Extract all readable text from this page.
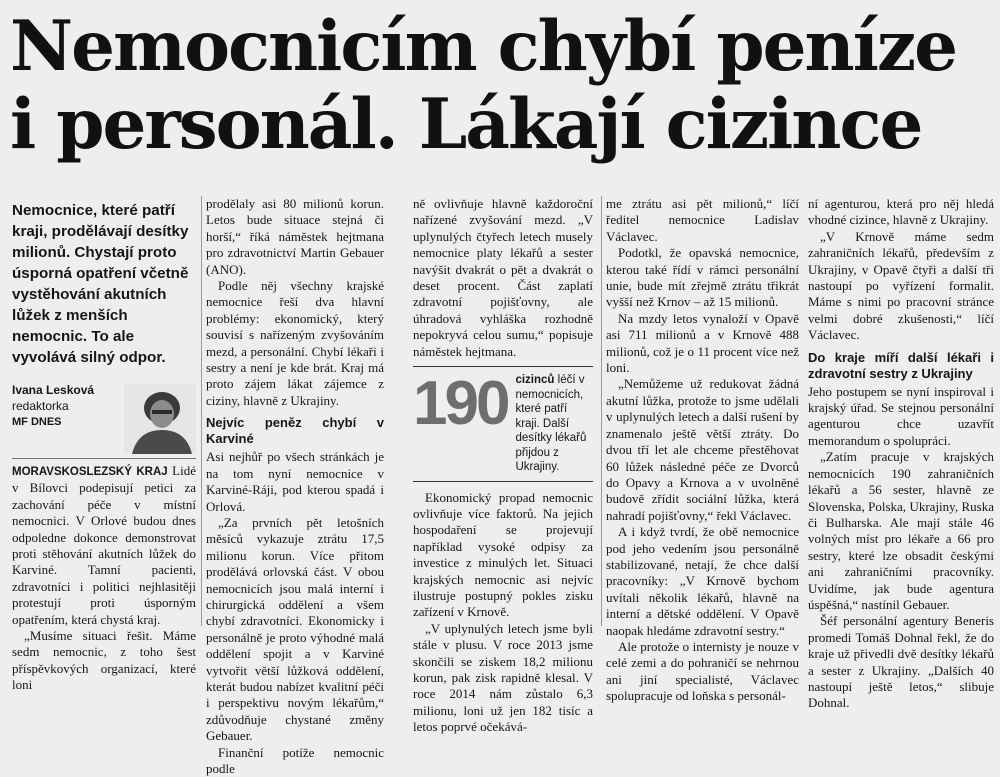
Nemocnicím chybí peníze
i personál. Lákají cizince
Nemocnice, které patří kraji, prodělávají desítky milionů. Chystají proto úsporná opatření včetně vystěhování akutních lůžek z menších nemocnic. To ale vyvolává silný odpor.
Ivana Lesková
redaktorka
MF DNES

MORAVSKOSLEZSKÝ KRAJ Lidé v Bílovci podepisují petici za zachování péče v místní nemocnici. V Orlové budou dnes odpoledne dokonce demonstrovat proti stěhování akutních lůžek do Karviné. Tamní pacienti, zdravotníci i politici nejhlasitěji protestují proti úsporným opatřením, která chystá kraj.

„Musíme situaci řešit. Máme sedm nemocnic, z toho šest příspěvkových organizací, které loni

prodělaly asi 80 milionů korun. Letos bude situace stejná či horší,“ říká náměstek hejtmana pro zdravotnictví Martin Gebauer (ANO).

Podle něj všechny krajské nemocnice řeší dva hlavní problémy: ekonomický, který souvisí s nařízeným zvyšováním mezd, a personální. Chybí lékaři i sestry a není je kde brát. Kraj má proto zájem lákat zájemce z ciziny, hlavně z Ukrajiny.

Nejvíc peněz chybí v Karviné

Asi nejhůř po všech stránkách je na tom nyní nemocnice v Karviné-Ráji, pod kterou spadá i Orlová.

„Za prvních pět letošních měsíců vykazuje ztrátu 17,5 milionu korun. Více přitom prodělává orlovská část. V obou nemocnicích jsou malá interní i chirurgická oddělení a všem chybí zdravotníci. Ekonomicky i personálně je proto výhodné malá oddělení spojit a v Karviné vytvořit větší lůžková oddělení, kterát budou nabízet kvalitní péči i perspektivu novým lékařům,“ zdůvodňuje chystané změny Gebauer.

Finanční potíže nemocnic podle

ně ovlivňuje hlavně každoroční nařízené zvyšování mezd. „V uplynulých čtyřech letech musely nemocnice platy lékařů a sester navýšit dvakrát o pět a dvakrát o deset procent. Část zaplatí zdravotní pojišťovny, ale úhradová vyhláška rozhodně nepokryvá celou sumu,“ popisuje náměstek hejtmana.

190 cizinců léčí v nemocnicích, které patří kraji. Další desítky lékařů přijdou z Ukrajiny.

Ekonomický propad nemocnic ovlivňuje více faktorů. Na jejich hospodaření se projevují například vysoké odpisy za investice z minulých let. Situaci krajských nemocnic asi nejvíc ilustruje postupný pokles zisku zařízení v Krnově.

„V uplynulých letech jsme byli stále v plusu. V roce 2013 jsme skončili se ziskem 18,2 milionu korun, pak zisk rapidně klesal. V roce 2014 nám zůstalo 6,3 milionu, loni už jen 182 tisíc a letos poprvé očekává-

me ztrátu asi pět milionů,“ líčí ředitel nemocnice Ladislav Václavec.

Podotkl, že opavská nemocnice, kterou také řídí v rámci personální unie, bude mít zřejmě ztrátu třikrát vyšší než Krnov – až 15 milionů.

Na mzdy letos vynaloží v Opavě asi 711 milionů a v Krnově 488 milionů, což je o 11 procent více než loni.

„Nemůžeme už redukovat žádná akutní lůžka, protože to jsme udělali v uplynulých letech a další rušení by znamenalo ještě větší ztráty. Do dvou tří let ale chceme přestěhovat 60 lůžek následné péče ze Dvorců do Opavy a Krnova a v uvolněné budově zřídit sociální lůžka, která nahradí pojišťovny,“ řekl Václavec.

A i když tvrdí, že obě nemocnice pod jeho vedením jsou personálně stabilizované, netají, že chce další pracovníky: „V Krnově bychom uvítali několik lékařů, hlavně na interní a dětské oddělení. V Opavě naopak hledáme zdravotní sestry.“

Ale protože o internisty je nouze v celé zemi a do pohraničí se nehrnou ani jiní specialisté, Václavec spolupracuje od loňska s personál-

ní agenturou, která pro něj hledá vhodné cizince, hlavně z Ukrajiny.

„V Krnově máme sedm zahraničních lékařů, především z Ukrajiny, v Opavě čtyři a další tři nastoupí po vyřízení formalit. Máme s nimi po pracovní stránce velmi dobré zkušenosti,“ líčí Václavec.

Do kraje míří další lékaři i zdravotní sestry z Ukrajiny

Jeho postupem se nyní inspiroval i krajský úřad. Se stejnou personální agenturou chce uzavřít memorandum o spolupráci.

„Zatím pracuje v krajských nemocnicích 190 zahraničních lékařů a 56 sester, hlavně ze Slovenska, Polska, Ukrajiny, Ruska či Bulharska. Ale mají stále 46 volných míst pro lékaře a 66 pro sestry, které lze obsadit českými ani zahraničními pracovníky. Uvidíme, jak bude agentura úspěšná,“ nastínil Gebauer.

Šéf personální agentury Beneris promedi Tomáš Dohnal řekl, že do kraje už přivedli dvě desítky lékařů a sester z Ukrajiny. „Dalších 40 nastoupí ještě letos,“ slibuje Dohnal.
